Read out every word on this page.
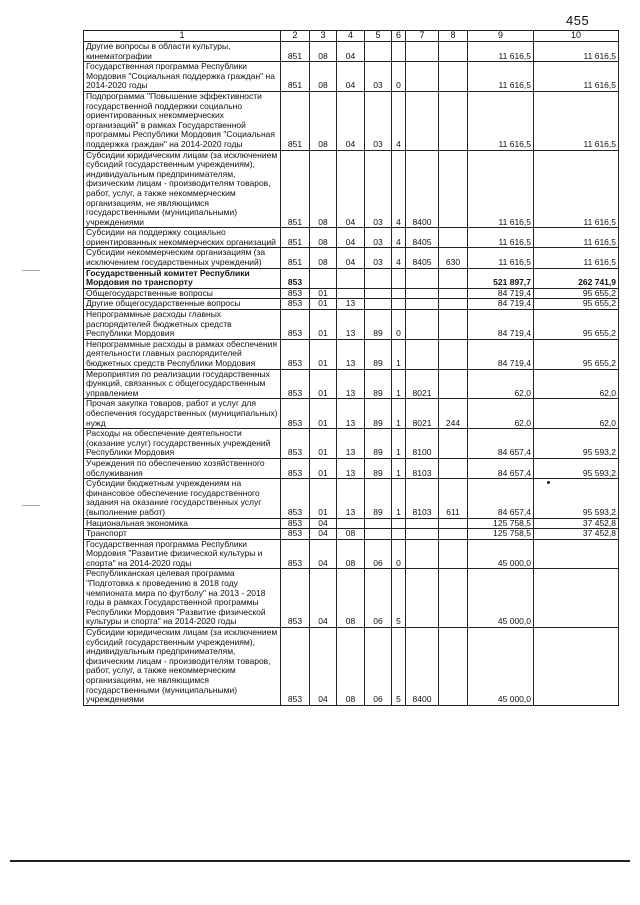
455
1	2	3	4	5	6	7	8	9	10
Другие вопросы в области культуры, кинематографии	851	08	04					11 616,5	11 616,5
Государственная программа Республики Мордовия "Социальная поддержка граждан" на 2014-2020 годы	851	08	04	03	0			11 616,5	11 616,5
Подпрограмма "Повышение эффективности государственной поддержки социально ориентированных некоммерческих организаций" в рамках Государственной программы Республики Мордовия "Социальная поддержка граждан" на 2014-2020 годы	851	08	04	03	4			11 616,5	11 616,5
Субсидии юридическим лицам (за исключением субсидий государственным учреждениям), индивидуальным предпринимателям, физическим лицам - производителям товаров, работ, услуг, а также некоммерческим организациям, не являющимся государственными (муниципальными) учреждениями	851	08	04	03	4	8400		11 616,5	11 616,5
Субсидии на поддержку социально ориентированных некоммерческих организаций	851	08	04	03	4	8405		11 616,5	11 616,5
Субсидии некоммерческим организациям (за исключением государственных учреждений)	851	08	04	03	4	8405	630	11 616,5	11 616,5
Государственный комитет Республики Мордовия по транспорту	853							521 897,7	262 741,9
Общегосударственные вопросы	853	01						84 719,4	95 655,2
Другие общегосударственные вопросы	853	01	13					84 719,4	95 655,2
Непрограммные расходы главных распорядителей бюджетных средств Республики Мордовия	853	01	13	89	0			84 719,4	95 655,2
Непрограммные расходы в рамках обеспечения деятельности главных распорядителей бюджетных средств Республики Мордовия	853	01	13	89	1			84 719,4	95 655,2
Мероприятия по реализации государственных функций, связанных с общегосударственным управлением	853	01	13	89	1	8021		62,0	62,0
Прочая закупка товаров, работ и услуг для обеспечения государственных (муниципальных) нужд	853	01	13	89	1	8021	244	62,0	62,0
Расходы на обеспечение деятельности (оказание услуг) государственных учреждений Республики Мордовия	853	01	13	89	1	8100		84 657,4	95 593,2
Учреждения по обеспечению хозяйственного обслуживания	853	01	13	89	1	8103		84 657,4	95 593,2
Субсидии бюджетным учреждениям на финансовое обеспечение государственного задания на оказание государственных услуг (выполнение работ)	853	01	13	89	1	8103	611	84 657,4	95 593,2
Национальная экономика	853	04						125 758,5	37 452,8
Транспорт	853	04	08					125 758,5	37 452,8
Государственная программа Республики Мордовия "Развитие физической культуры и спорта" на 2014-2020 годы	853	04	08	06	0			45 000,0	
Республиканская целевая программа "Подготовка к проведению в 2018 году чемпионата мира по футболу" на 2013 - 2018 годы в рамках Государственной программы Республики Мордовия "Развитие физической культуры и спорта" на 2014-2020 годы	853	04	08	06	5			45 000,0	
Субсидии юридическим лицам (за исключением субсидий государственным учреждениям), индивидуальным предпринимателям, физическим лицам - производителям товаров, работ, услуг, а также некоммерческим организациям, не являющимся государственными (муниципальными) учреждениями	853	04	08	06	5	8400		45 000,0	
